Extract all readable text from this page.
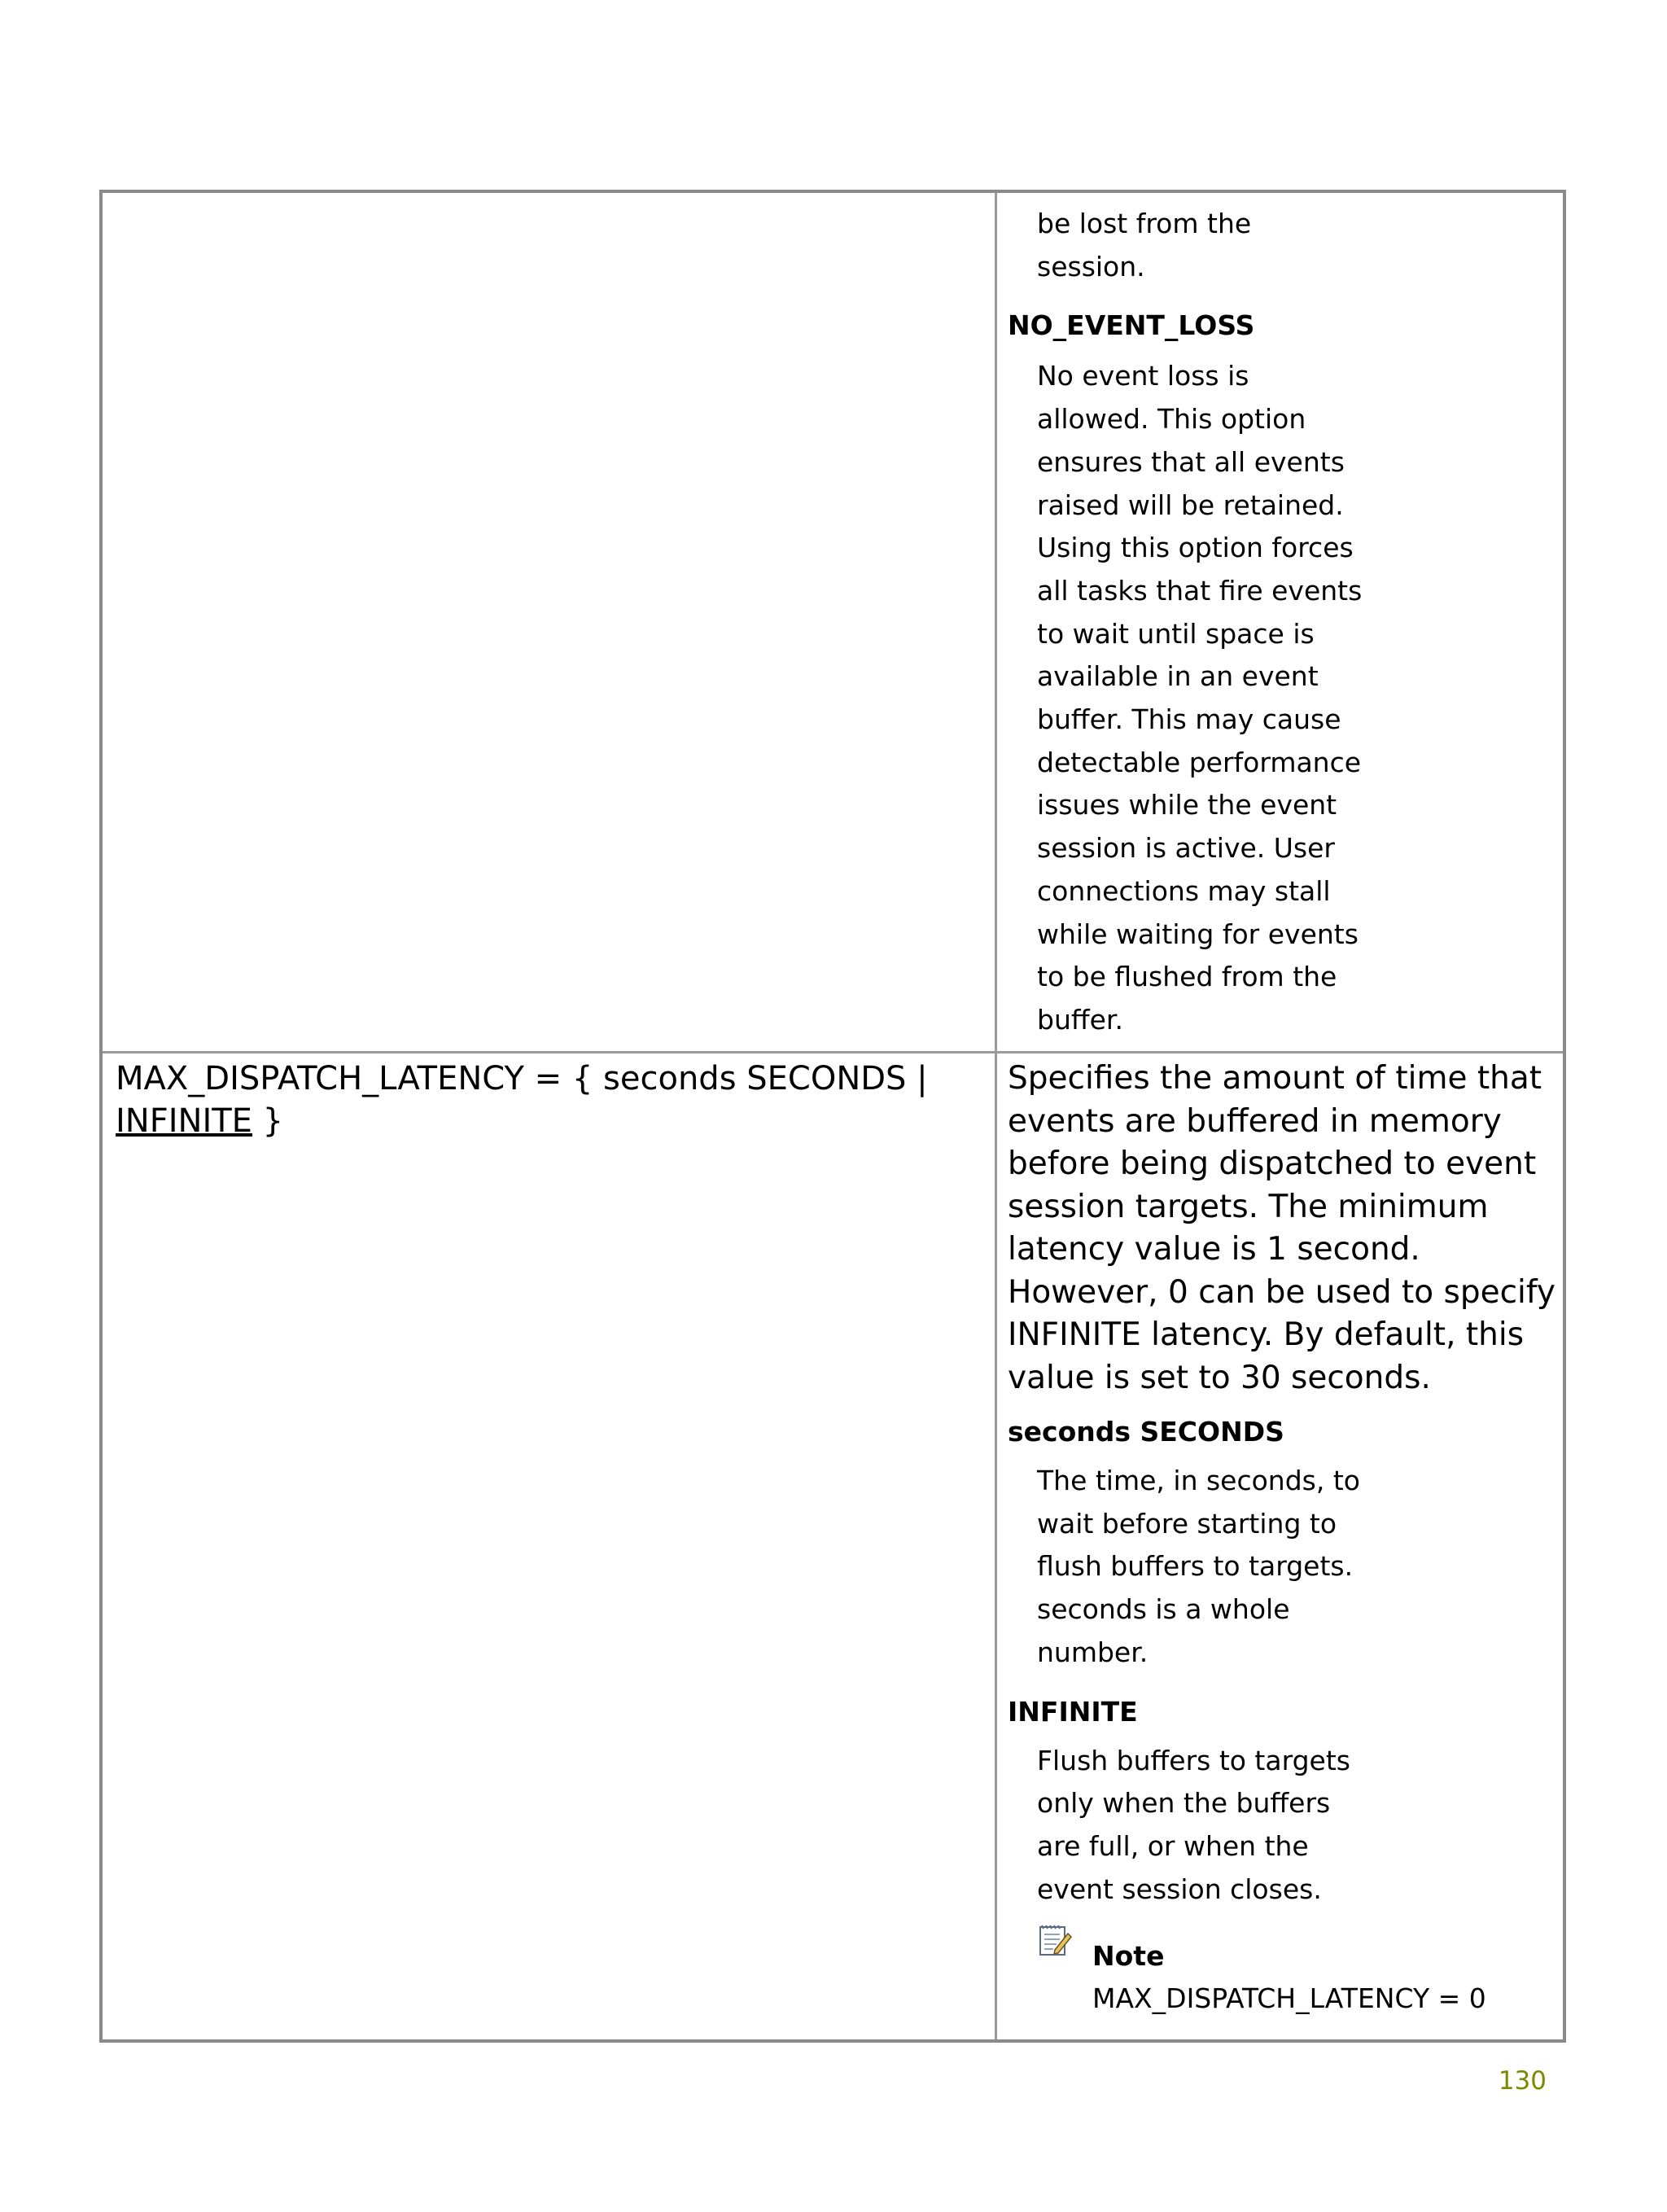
be lost from the session.
NO_EVENT_LOSS
No event loss is allowed. This option ensures that all events raised will be retained. Using this option forces all tasks that fire events to wait until space is available in an event buffer. This may cause detectable performance issues while the event session is active. User connections may stall while waiting for events to be flushed from the buffer.
MAX_DISPATCH_LATENCY = { seconds SECONDS |
INFINITE }
Specifies the amount of time that events are buffered in memory before being dispatched to event session targets. The minimum latency value is 1 second. However, 0 can be used to specify INFINITE latency. By default, this value is set to 30 seconds.
seconds SECONDS
The time, in seconds, to wait before starting to flush buffers to targets. seconds is a whole number.
INFINITE
Flush buffers to targets only when the buffers are full, or when the event session closes.
Note
MAX_DISPATCH_LATENCY = 0
130
